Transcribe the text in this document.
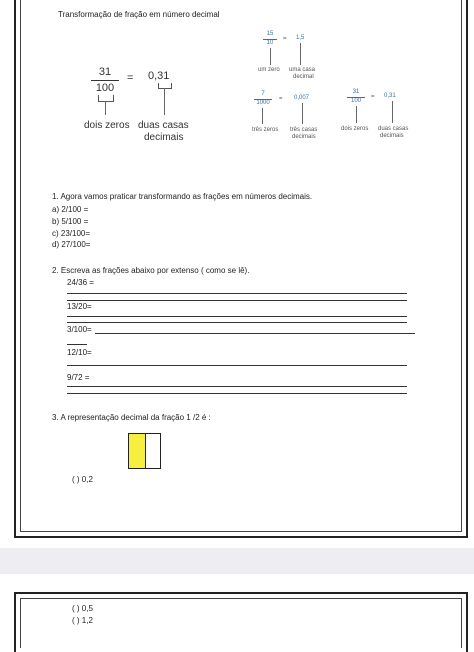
Transformação de fração em número decimal
31
100
= 0,31
dois zeros duas casas
decimais
15
10
= 1,5
um zero uma casa
decimal
7
1000
= 0,007
três zeros três casas
decimais
31
100
= 0,31
dois zeros duas casas
decimais
1. Agora vamos praticar transformando as frações em números decimais.
a) 2/100 =
b) 5/100 =
c) 23/100=
d) 27/100=
2. Escreva as frações abaixo por extenso ( como se lê).
24/36 =
13/20=
3/100=
12/10=
9/72 =
3. A representação decimal da fração 1 /2 é :
( ) 0,2
( ) 0,5
( ) 1,2
